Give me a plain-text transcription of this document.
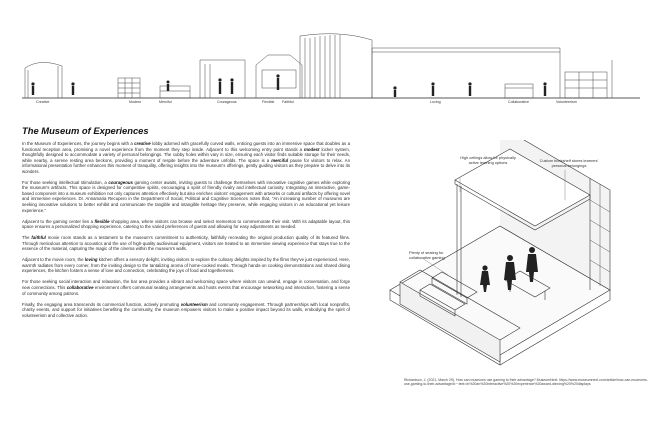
Creative	Modest	Merciful	Courageous	Flexible Faithful	Loving	Collaborative	Volunteerism
The Museum of Experiences

In the Museum of Experiences, the journey begins with a creative lobby adorned with gracefully curved walls, enticing guests into an immersive space that doubles as a functional reception area, promising a novel experience from the moment they step inside. Adjacent to this welcoming entry point stands a modest locker system, thoughtfully designed to accommodate a variety of personal belongings. The cubby holes within vary in size, ensuring each visitor finds suitable storage for their needs, while nearby, a serene resting area beckons, providing a moment of respite before the adventure unfolds. The space is a merciful pause for visitors to relax. An informational presentation further enhances this moment of tranquility, offering insights into the museum's offerings, gently guiding visitors as they prepare to delve into its wonders.

For those seeking intellectual stimulation, a courageous gaming center awaits, inviting guests to challenge themselves with innovative cognitive games while exploring the museum's artifacts. This space is designed for competitive spirits, encouraging a spirit of friendly rivalry and intellectual curiosity. Integrating an interactive, game-based component into a museum exhibition not only captures attention effectively but also enriches visitors' engagement with artworks or cultural artifacts by offering novel and immersive experiences. Dr. Annamaria Recupero in the Department of Social, Political and Cognitive Sciences notes that, "An increasing number of museums are seeking innovative solutions to better exhibit and communicate the tangible and intangible heritage they preserve, while engaging visitors in an educational yet leisure experience."

Adjacent to the gaming center lies a flexible shopping area, where visitors can browse and select mementos to commemorate their visit. With its adaptable layout, this space ensures a personalized shopping experience, catering to the varied preferences of guests and allowing for easy adjustments as needed.

The faithful movie room stands as a testament to the museum's commitment to authenticity, faithfully recreating the original production quality of its featured films. Through meticulous attention to acoustics and the use of high-quality audiovisual equipment, visitors are treated to an immersive viewing experience that stays true to the essence of the material, capturing the magic of the cinema within the museum's walls.

Adjacent to the movie room, the loving kitchen offers a sensory delight, inviting visitors to explore the culinary delights inspired by the films they've just experienced. Here, warmth radiates from every corner, from the inviting design to the tantalizing aroma of home-cooked meals. Through hands-on cooking demonstrations and shared dining experiences, the kitchen fosters a sense of love and connection, celebrating the joys of food and togetherness.

For those seeking social interaction and relaxation, the bar area provides a vibrant and welcoming space where visitors can unwind, engage in conversation, and forge new connections. This collaborative environment offers communal seating arrangements and hosts events that encourage networking and interaction, fostering a sense of community among patrons.

Finally, the engaging area transcends its commercial function, actively promoting volunteerism and community engagement. Through partnerships with local nonprofits, charity events, and support for initiatives benefiting the community, the museum empowers visitors to make a positive impact beyond its walls, embodying the spirit of volunteerism and collective action.

High ceilings allow for physically active learning options	Custom bookshelf stores learners' personal belongings
Plenty of seating for collaborative gaming
Richardson, J. (2021, March 29). How can museums use gaming to their advantage? MuseumNext. https://www.museumnext.com/article/how-can-museums-use-gaming-to-their-advantage/#:~:text=In%20an%20interactive%20%20experience%20award-winning%20%20displays
